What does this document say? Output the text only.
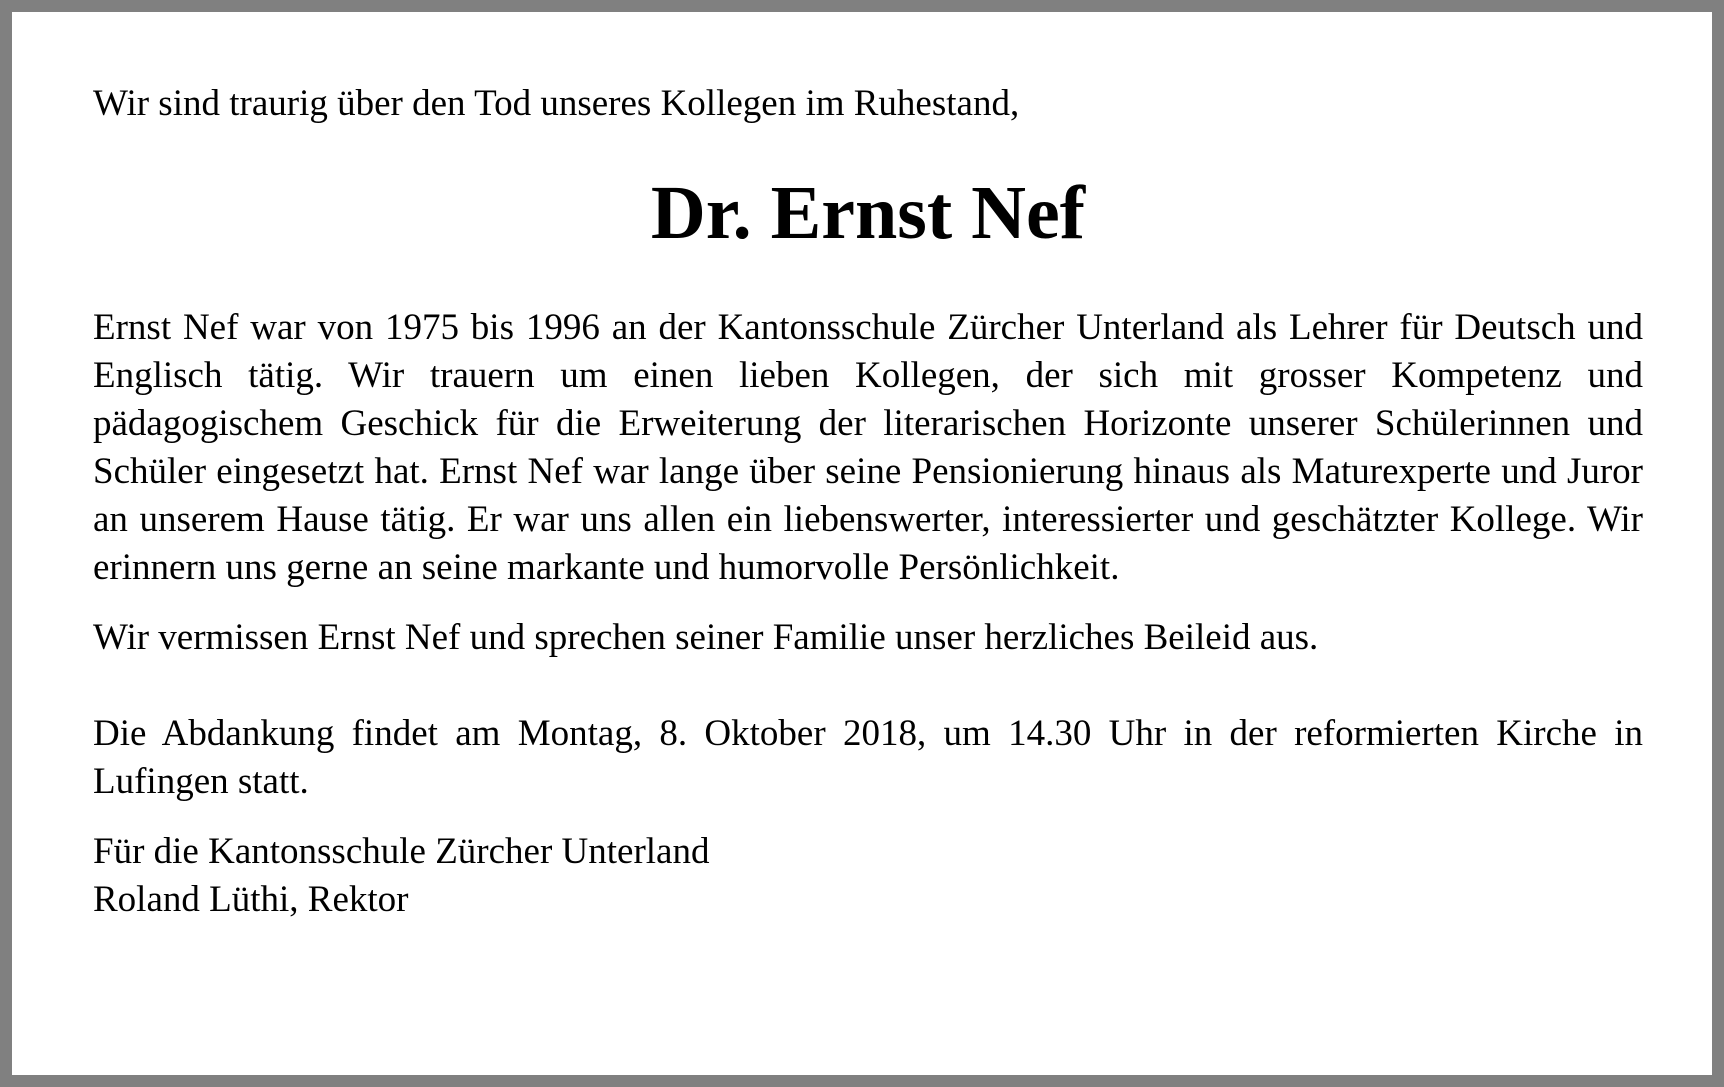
Wir sind traurig über den Tod unseres Kollegen im Ruhestand,

Dr. Ernst Nef

Ernst Nef war von 1975 bis 1996 an der Kantonsschule Zürcher Unterland als Lehrer für Deutsch und Englisch tätig. Wir trauern um einen lieben Kollegen, der sich mit grosser Kompetenz und pädagogischem Geschick für die Erweiterung der literarischen Horizonte unserer Schülerinnen und Schüler eingesetzt hat. Ernst Nef war lange über seine Pensionierung hinaus als Maturexperte und Juror an unserem Hause tätig. Er war uns allen ein liebenswerter, interessierter und geschätzter Kollege. Wir erinnern uns gerne an seine markante und humorvolle Persönlichkeit.

Wir vermissen Ernst Nef und sprechen seiner Familie unser herzliches Beileid aus.

Die Abdankung findet am Montag, 8. Oktober 2018, um 14.30 Uhr in der reformierten Kirche in Lufingen statt.

Für die Kantonsschule Zürcher Unterland
Roland Lüthi, Rektor
